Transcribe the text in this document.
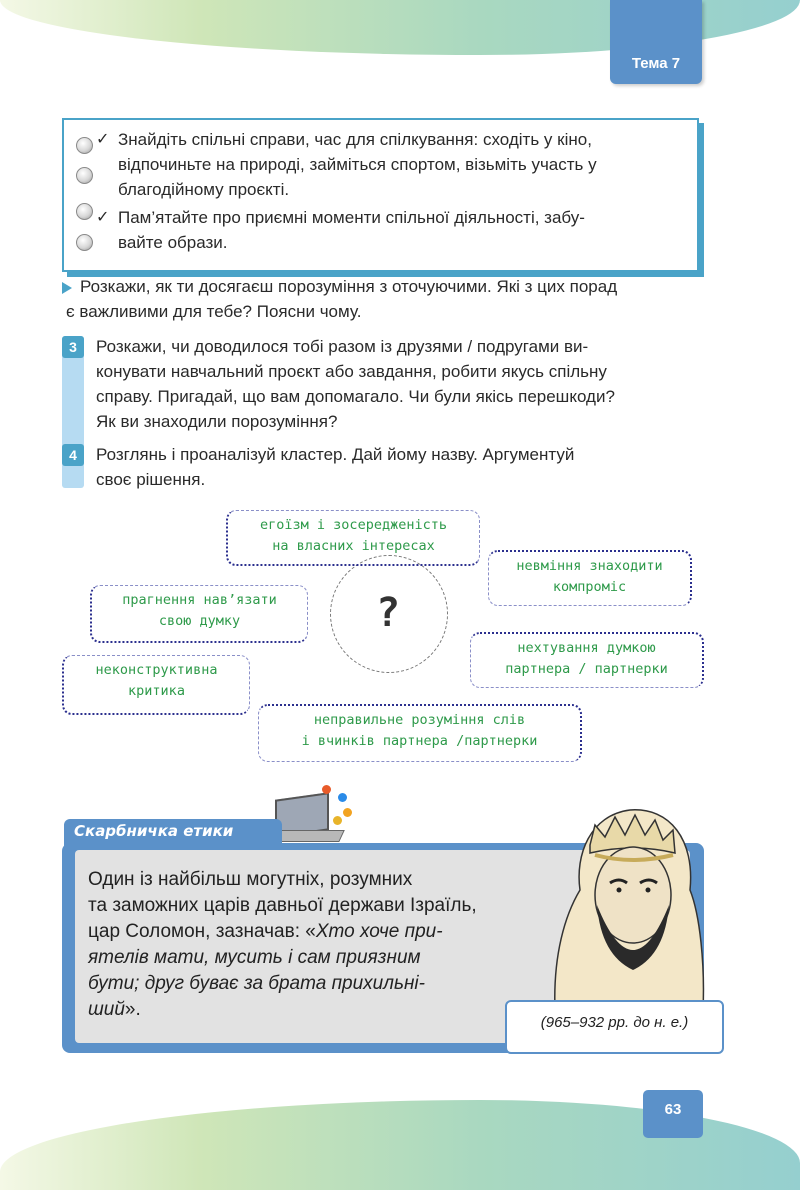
Тема 7
✓ Знайдіть спільні справи, час для спілкування: сходіть у кіно,
відпочиньте на природі, займіться спортом, візьміть участь у
благодійному проєкті.
✓ Пам’ятайте про приємні моменти спільної діяльності, забу-
вайте образи.
Розкажи, як ти досягаєш порозуміння з оточуючими. Які з цих порад
є важливими для тебе? Поясни чому.
3	Розкажи, чи доводилося тобі разом із друзями / подругами ви-
конувати навчальний проєкт або завдання, робити якусь спільну
справу. Пригадай, що вам допомагало. Чи були якісь перешкоди?
Як ви знаходили порозуміння?
4	Розглянь і проаналізуй кластер. Дай йому назву. Аргументуй
своє рішення.
?
егоїзм і зосередженість
на власних інтересах
невміння знаходити
компроміс
прагнення нав’язати
свою думку
нехтування думкою
партнера / партнерки
неконструктивна
критика
неправильне розуміння слів
і вчинків партнера /партнерки
Скарбничка етики
Один із найбільш могутніх, розумних
та заможних царів давньої держави Ізраїль,
цар Соломон, зазначав: «Хто хоче при-
ятелів мати, мусить і сам приязним
бути; друг буває за брата прихильні-
ший».
(965–932 рр. до н. е.)
63
